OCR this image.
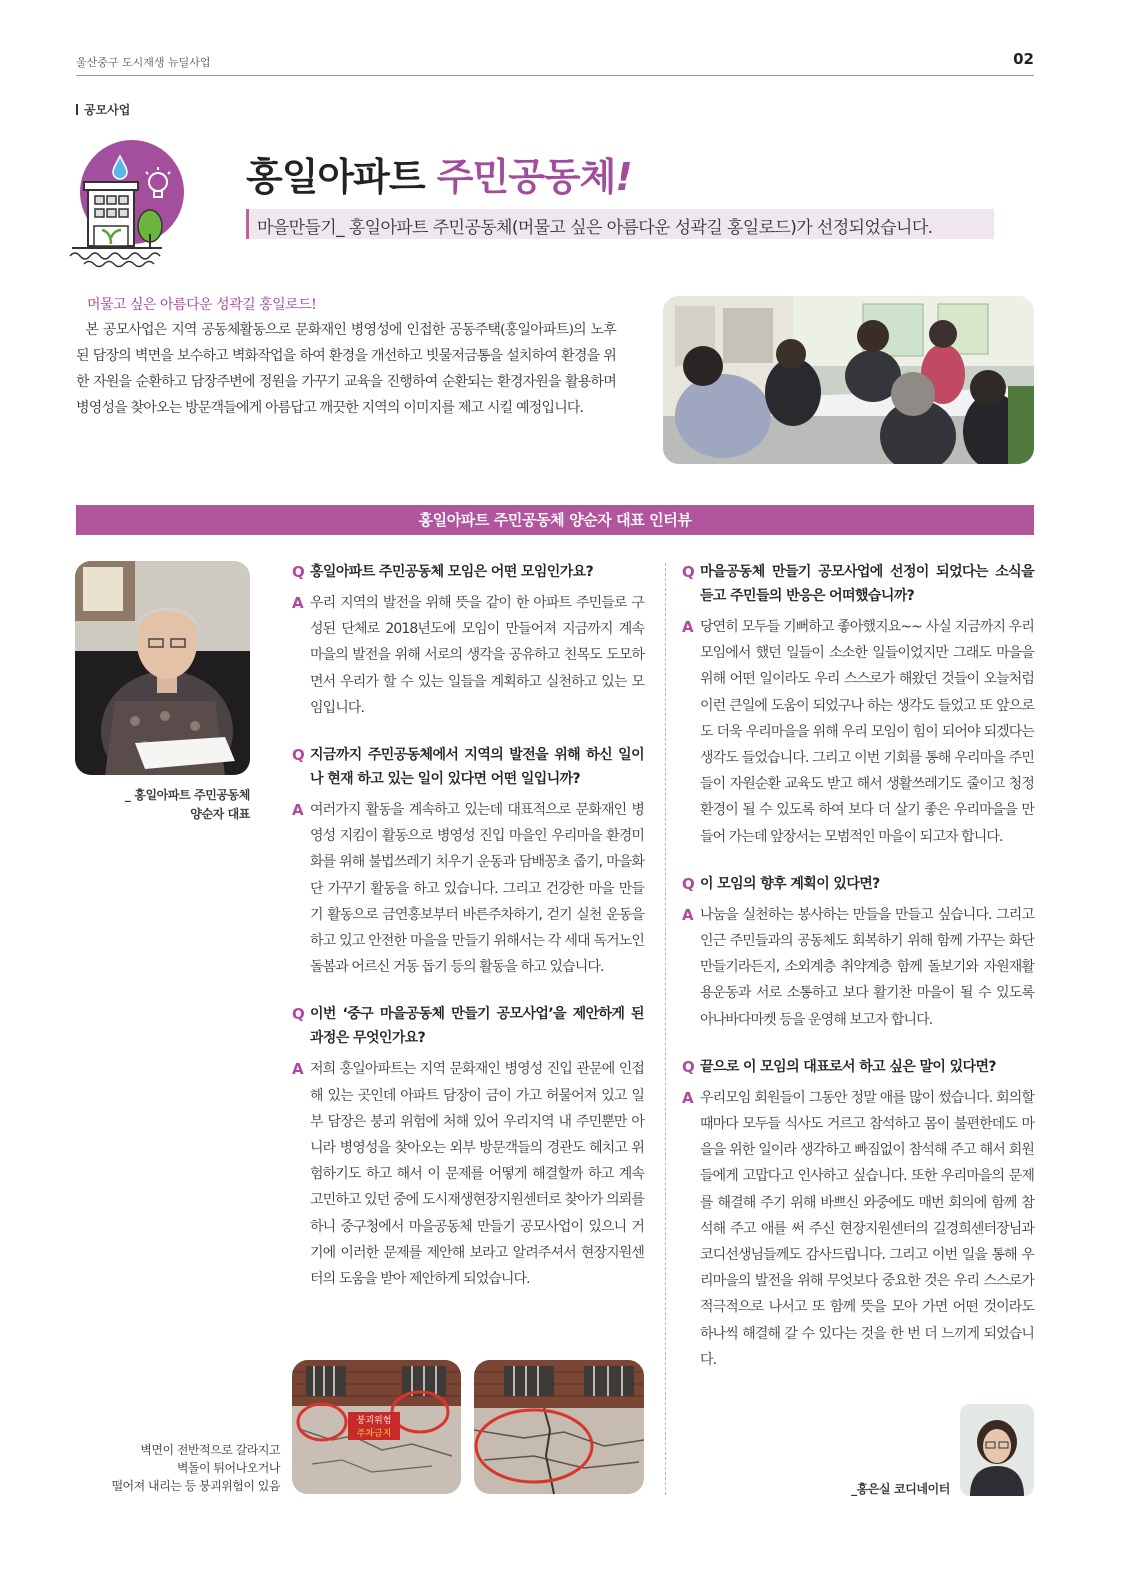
울산중구 도시재생 뉴딜사업	02
공모사업
홍일아파트 주민공동체!
마을만들기_ 홍일아파트 주민공동체(머물고 싶은 아름다운 성곽길 홍일로드)가 선정되었습니다.
머물고 싶은 아름다운 성곽길 홍일로드!
본 공모사업은 지역 공동체활동으로 문화재인 병영성에 인접한 공동주택(홍일아파트)의 노후된 담장의 벽면을 보수하고 벽화작업을 하여 환경을 개선하고 빗물저금통을 설치하여 환경을 위한 자원을 순환하고 담장주변에 정원을 가꾸기 교육을 진행하여 순환되는 환경자원을 활용하며 병영성을 찾아오는 방문객들에게 아름답고 깨끗한 지역의 이미지를 제고 시킬 예정입니다.
홍일아파트 주민공동체 양순자 대표 인터뷰
_ 홍일아파트 주민공동체
양순자 대표
Q 홍일아파트 주민공동체 모임은 어떤 모임인가요?
A 우리 지역의 발전을 위해 뜻을 같이 한 아파트 주민들로 구성된 단체로 2018년도에 모임이 만들어져 지금까지 계속 마을의 발전을 위해 서로의 생각을 공유하고 친목도 도모하면서 우리가 할 수 있는 일들을 계획하고 실천하고 있는 모임입니다.
Q 지금까지 주민공동체에서 지역의 발전을 위해 하신 일이나 현재 하고 있는 일이 있다면 어떤 일입니까?
A 여러가지 활동을 계속하고 있는데 대표적으로 문화재인 병영성 지킴이 활동으로 병영성 진입 마을인 우리마을 환경미화를 위해 불법쓰레기 치우기 운동과 담배꽁초 줍기, 마을화단 가꾸기 활동을 하고 있습니다. 그리고 건강한 마을 만들기 활동으로 금연홍보부터 바른주차하기, 걷기 실천 운동을 하고 있고 안전한 마을을 만들기 위해서는 각 세대 독거노인 돌봄과 어르신 거동 돕기 등의 활동을 하고 있습니다.
Q 이번 ‘중구 마을공동체 만들기 공모사업’을 제안하게 된 과정은 무엇인가요?
A 저희 홍일아파트는 지역 문화재인 병영성 진입 관문에 인접해 있는 곳인데 아파트 담장이 금이 가고 허물어져 있고 일부 담장은 붕괴 위험에 처해 있어 우리지역 내 주민뿐만 아니라 병영성을 찾아오는 외부 방문객들의 경관도 헤치고 위험하기도 하고 해서 이 문제를 어떻게 해결할까 하고 계속 고민하고 있던 중에 도시재생현장지원센터로 찾아가 의뢰를 하니 중구청에서 마을공동체 만들기 공모사업이 있으니 거기에 이러한 문제를 제안해 보라고 알려주셔서 현장지원센터의 도움을 받아 제안하게 되었습니다.
Q 마을공동체 만들기 공모사업에 선정이 되었다는 소식을 듣고 주민들의 반응은 어떠했습니까?
A 당연히 모두들 기뻐하고 좋아했지요~~ 사실 지금까지 우리 모임에서 했던 일들이 소소한 일들이었지만 그래도 마을을 위해 어떤 일이라도 우리 스스로가 해왔던 것들이 오늘처럼 이런 큰일에 도움이 되었구나 하는 생각도 들었고 또 앞으로도 더욱 우리마을을 위해 우리 모임이 힘이 되어야 되겠다는 생각도 들었습니다. 그리고 이번 기회를 통해 우리마을 주민들이 자원순환 교육도 받고 해서 생활쓰레기도 줄이고 청정 환경이 될 수 있도록 하여 보다 더 살기 좋은 우리마을을 만들어 가는데 앞장서는 모범적인 마을이 되고자 합니다.
Q 이 모임의 향후 계획이 있다면?
A 나눔을 실천하는 봉사하는 만들을 만들고 싶습니다. 그리고 인근 주민들과의 공동체도 회복하기 위해 함께 가꾸는 화단 만들기라든지, 소외계층 취약계층 함께 돌보기와 자원재활용운동과 서로 소통하고 보다 활기찬 마을이 될 수 있도록 아나바다마켓 등을 운영해 보고자 합니다.
Q 끝으로 이 모임의 대표로서 하고 싶은 말이 있다면?
A 우리모임 회원들이 그동안 정말 애를 많이 썼습니다. 회의할 때마다 모두들 식사도 거르고 참석하고 몸이 불편한데도 마을을 위한 일이라 생각하고 빠짐없이 참석해 주고 해서 회원들에게 고맙다고 인사하고 싶습니다. 또한 우리마을의 문제를 해결해 주기 위해 바쁘신 와중에도 매번 회의에 함께 참석해 주고 애를 써 주신 현장지원센터의 길경희센터장님과 코디선생님들께도 감사드립니다. 그리고 이번 일을 통해 우리마을의 발전을 위해 무엇보다 중요한 것은 우리 스스로가 적극적으로 나서고 또 함께 뜻을 모아 가면 어떤 것이라도 하나씩 해결해 갈 수 있다는 것을 한 번 더 느끼게 되었습니다.
벽면이 전반적으로 갈라지고
벽돌이 튀어나오거나
떨어져 내리는 등 붕괴위험이 있음
붕괴위험
주차금지
_홍은실 코디네이터
